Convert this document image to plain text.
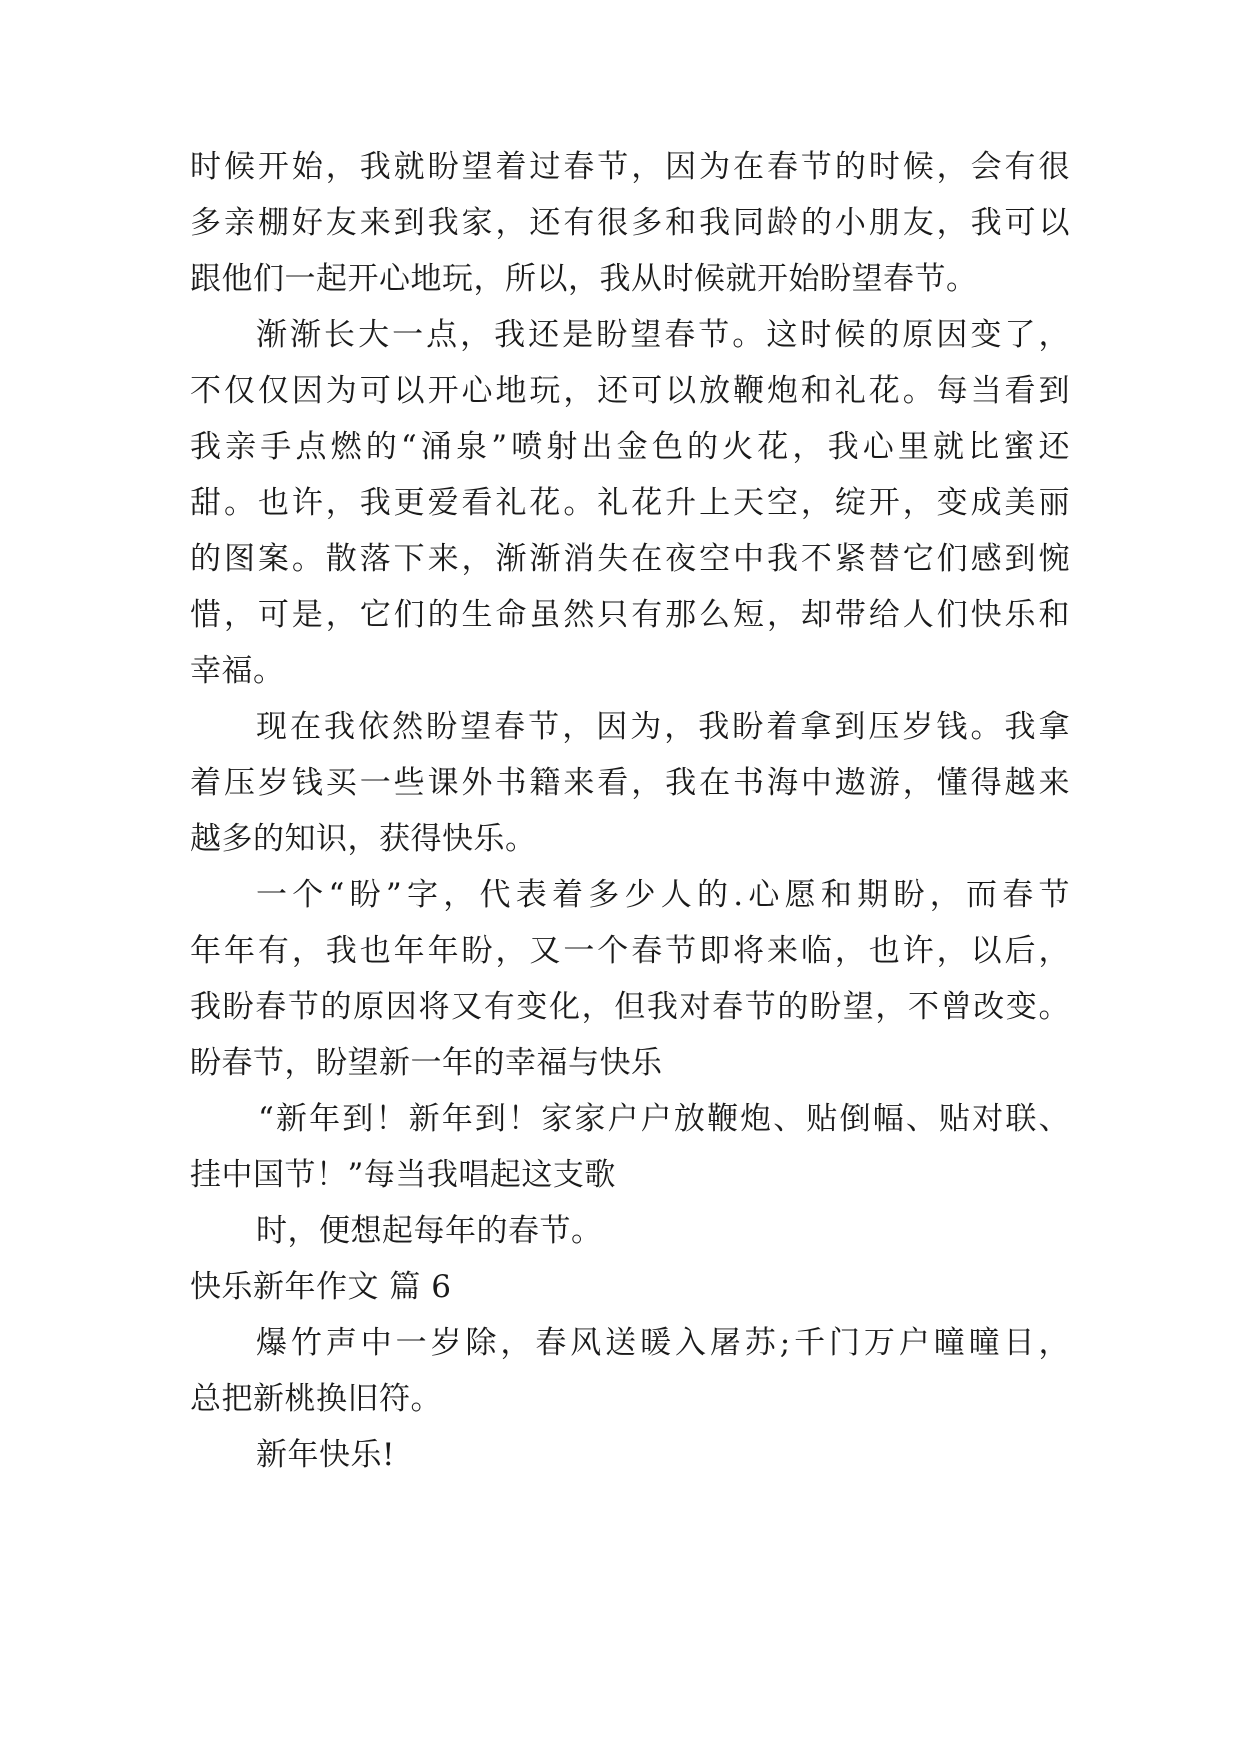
时候开始，我就盼望着过春节，因为在春节的时候，会有很
多亲棚好友来到我家，还有很多和我同龄的小朋友，我可以
跟他们一起开心地玩，所以，我从时候就开始盼望春节。
渐渐长大一点，我还是盼望春节。这时候的原因变了，
不仅仅因为可以开心地玩，还可以放鞭炮和礼花。每当看到
我亲手点燃的“涌泉”喷射出金色的火花，我心里就比蜜还
甜。也许，我更爱看礼花。礼花升上天空，绽开，变成美丽
的图案。散落下来，渐渐消失在夜空中我不紧替它们感到惋
惜，可是，它们的生命虽然只有那么短，却带给人们快乐和
幸福。
现在我依然盼望春节，因为，我盼着拿到压岁钱。我拿
着压岁钱买一些课外书籍来看，我在书海中遨游，懂得越来
越多的知识，获得快乐。
一个“盼”字，代表着多少人的.心愿和期盼，而春节
年年有，我也年年盼，又一个春节即将来临，也许，以后，
我盼春节的原因将又有变化，但我对春节的盼望，不曾改变。
盼春节，盼望新一年的幸福与快乐
“新年到！新年到！家家户户放鞭炮、贴倒幅、贴对联、
挂中国节！”每当我唱起这支歌
时，便想起每年的春节。
快乐新年作文 篇 6
爆竹声中一岁除，春风送暖入屠苏;千门万户曈曈日，
总把新桃换旧符。
新年快乐!
